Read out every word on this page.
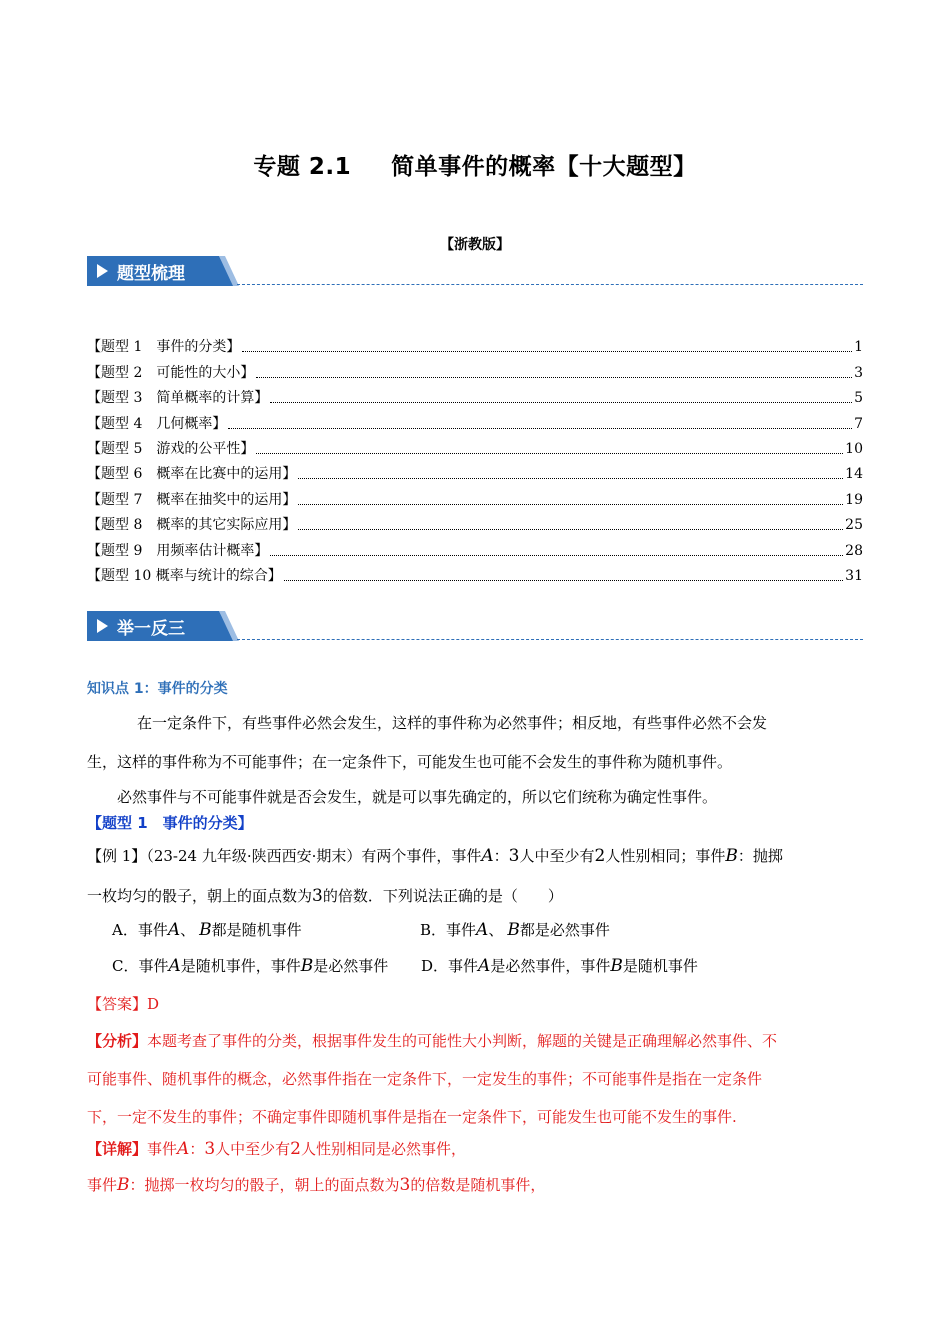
专题 2.1 简单事件的概率【十大题型】
【浙教版】
题型梳理
【题型 1　事件的分类】	1
【题型 2　可能性的大小】	3
【题型 3　简单概率的计算】	5
【题型 4　几何概率】	7
【题型 5　游戏的公平性】	10
【题型 6　概率在比赛中的运用】	14
【题型 7　概率在抽奖中的运用】	19
【题型 8　概率的其它实际应用】	25
【题型 9　用频率估计概率】	28
【题型 10 概率与统计的综合】	31
举一反三
知识点 1：事件的分类
在一定条件下，有些事件必然会发生，这样的事件称为必然事件；相反地，有些事件必然不会发
生，这样的事件称为不可能事件；在一定条件下，可能发生也可能不会发生的事件称为随机事件。
必然事件与不可能事件就是否会发生，就是可以事先确定的，所以它们统称为确定性事件。
【题型 1　事件的分类】
【例 1】（23-24 九年级·陕西西安·期末）有两个事件，事件A：3人中至少有2人性别相同；事件B：抛掷
一枚均匀的骰子，朝上的面点数为3的倍数．下列说法正确的是（　　）
A．事件A、 B都是随机事件	B．事件A、 B都是必然事件
C．事件A是随机事件，事件B是必然事件	D．事件A是必然事件，事件B是随机事件
【答案】D
【分析】本题考查了事件的分类，根据事件发生的可能性大小判断，解题的关键是正确理解必然事件、不
可能事件、随机事件的概念，必然事件指在一定条件下，一定发生的事件；不可能事件是指在一定条件
下，一定不发生的事件；不确定事件即随机事件是指在一定条件下，可能发生也可能不发生的事件.
【详解】事件A：3人中至少有2人性别相同是必然事件，
事件B：抛掷一枚均匀的骰子，朝上的面点数为3的倍数是随机事件，
